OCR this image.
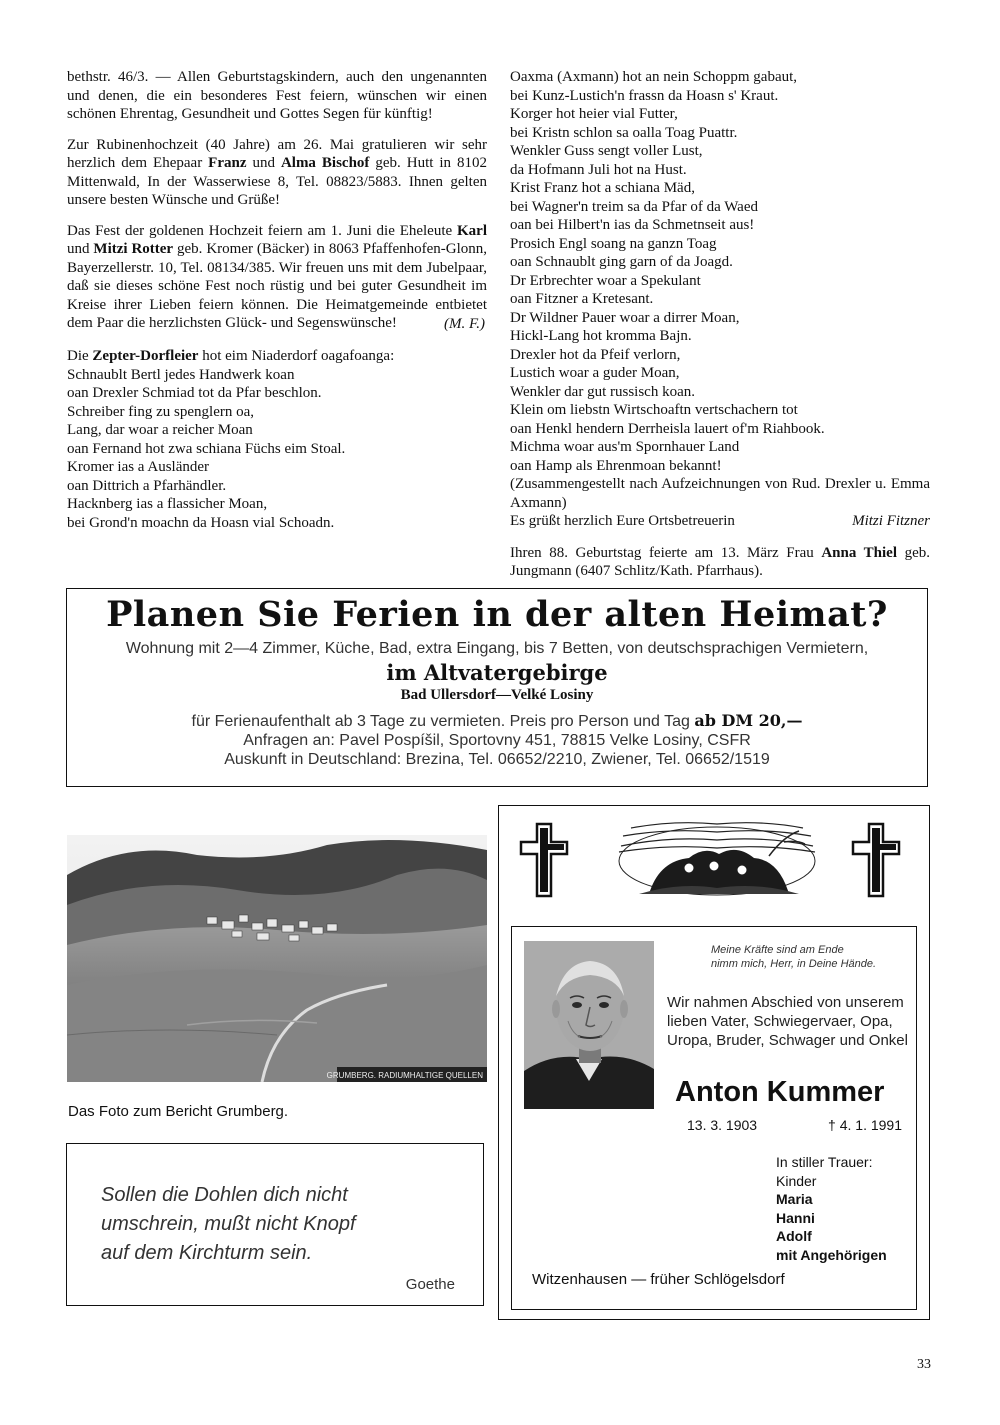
bethstr. 46/3. — Allen Geburtstagskindern, auch den ungenannten und denen, die ein besonderes Fest feiern, wünschen wir einen schönen Ehrentag, Gesundheit und Gottes Segen für künftig!

Zur Rubinenhochzeit (40 Jahre) am 26. Mai gratulieren wir sehr herzlich dem Ehepaar Franz und Alma Bischof geb. Hutt in 8102 Mittenwald, In der Wasserwiese 8, Tel. 08823/5883. Ihnen gelten unsere besten Wünsche und Grüße!

Das Fest der goldenen Hochzeit feiern am 1. Juni die Eheleute Karl und Mitzi Rotter geb. Kromer (Bäcker) in 8063 Pfaffenhofen-Glonn, Bayerzellerstr. 10, Tel. 08134/385. Wir freuen uns mit dem Jubelpaar, daß sie dieses schöne Fest noch rüstig und bei guter Gesundheit im Kreise ihrer Lieben feiern können. Die Heimatgemeinde entbietet dem Paar die herzlichsten Glück- und Segenswünsche!	(M. F.)
Die Zepter-Dorfleier hot eim Niaderdorf oagafoanga:
Schnaublt Bertl jedes Handwerk koan
oan Drexler Schmiad tot da Pfar beschlon.
Schreiber fing zu spenglern oa,
Lang, dar woar a reicher Moan
oan Fernand hot zwa schiana Füchs eim Stoal.
Kromer ias a Ausländer
oan Dittrich a Pfarhändler.
Hacknberg ias a flassicher Moan,
bei Grond'n moachn da Hoasn vial Schoadn.
Oaxma (Axmann) hot an nein Schoppm gabaut,
bei Kunz-Lustich'n frassn da Hoasn s' Kraut.
Korger hot heier vial Futter,
bei Kristn schlon sa oalla Toag Puattr.
Wenkler Guss sengt voller Lust,
da Hofmann Juli hot na Hust.
Krist Franz hot a schiana Mäd,
bei Wagner'n treim sa da Pfar of da Waed
oan bei Hilbert'n ias da Schmetnseit aus!
Prosich Engl soang na ganzn Toag
oan Schnaublt ging garn of da Joagd.
Dr Erbrechter woar a Spekulant
oan Fitzner a Kretesant.
Dr Wildner Pauer woar a dirrer Moan,
Hickl-Lang hot kromma Bajn.
Drexler hot da Pfeif verlorn,
Lustich woar a guder Moan,
Wenkler dar gut russisch koan.
Klein om liebstn Wirtschoaftn vertschachern tot
oan Henkl hendern Derrheisla lauert of'm Riahbook.
Michma woar aus'm Spornhauer Land
oan Hamp als Ehrenmoan bekannt!
(Zusammengestellt nach Aufzeichnungen von Rud. Drexler u. Emma Axmann)
Es grüßt herzlich Eure Ortsbetreuerin	Mitzi Fitzner
Ihren 88. Geburtstag feierte am 13. März Frau Anna Thiel geb. Jungmann (6407 Schlitz/Kath. Pfarrhaus).
Planen Sie Ferien in der alten Heimat?
Wohnung mit 2—4 Zimmer, Küche, Bad, extra Eingang, bis 7 Betten, von deutschsprachigen Vermietern,
im Altvatergebirge
Bad Ullersdorf—Velké Losiny
für Ferienaufenthalt ab 3 Tage zu vermieten. Preis pro Person und Tag ab DM 20,—
Anfragen an: Pavel Pospíšil, Sportovny 451, 78815 Velke Losiny, CSFR
Auskunft in Deutschland: Brezina, Tel. 06652/2210, Zwiener, Tel. 06652/1519
GRUMBERG. RADIUMHALTIGE QUELLEN
Das Foto zum Bericht Grumberg.
Sollen die Dohlen dich nicht
umschrein, mußt nicht Knopf
auf dem Kirchturm sein.
Goethe
Meine Kräfte sind am Ende
nimm mich, Herr, in Deine Hände.
Wir nahmen Abschied von unserem lieben Vater, Schwiegervaer, Opa, Uropa, Bruder, Schwager und Onkel
Anton Kummer
13. 3. 1903	† 4. 1. 1991
In stiller Trauer:
Kinder
Maria
Hanni
Adolf
mit Angehörigen
Witzenhausen — früher Schlögelsdorf
33
